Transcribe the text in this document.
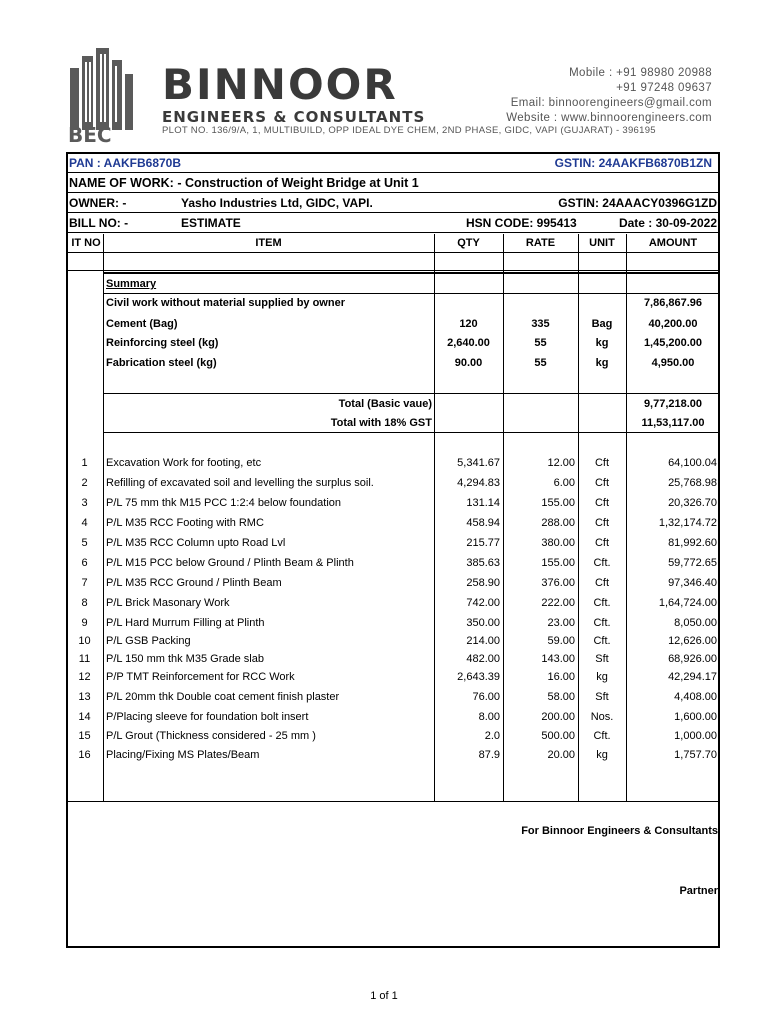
BEC
BINNOOR
ENGINEERS & CONSULTANTS
PLOT NO. 136/9/A, 1, MULTIBUILD, OPP IDEAL DYE CHEM, 2ND PHASE, GIDC, VAPI (GUJARAT) - 396195
Mobile : +91 98980 20988
+91 97248 09637
Email: binnoorengineers@gmail.com
Website : www.binnoorengineers.com
PAN : AAKFB6870B	GSTIN: 24AAKFB6870B1ZN
NAME OF WORK: - Construction of Weight Bridge at Unit 1
OWNER: -	Yasho Industries Ltd, GIDC, VAPI.	GSTIN: 24AAACY0396G1ZD
BILL NO: -	ESTIMATE	HSN CODE: 995413	Date : 30-09-2022
IT NO	ITEM	QTY	RATE	UNIT	AMOUNT
Summary
Civil work without material supplied by owner	7,86,867.96
Cement (Bag)	120	335	Bag	40,200.00
Reinforcing steel (kg)	2,640.00	55	kg	1,45,200.00
Fabrication steel (kg)	90.00	55	kg	4,950.00
Total (Basic vaue)	9,77,218.00
Total with 18% GST	11,53,117.00
1	Excavation Work for footing, etc	5,341.67	12.00	Cft	64,100.04
2	Refilling of excavated soil and levelling the surplus soil.	4,294.83	6.00	Cft	25,768.98
3	P/L 75 mm thk M15 PCC 1:2:4 below foundation	131.14	155.00	Cft	20,326.70
4	P/L M35 RCC Footing with RMC	458.94	288.00	Cft	1,32,174.72
5	P/L M35 RCC Column upto Road Lvl	215.77	380.00	Cft	81,992.60
6	P/L M15 PCC below Ground / Plinth Beam & Plinth	385.63	155.00	Cft.	59,772.65
7	P/L M35 RCC Ground / Plinth Beam	258.90	376.00	Cft	97,346.40
8	P/L Brick Masonary Work	742.00	222.00	Cft.	1,64,724.00
9	P/L Hard Murrum Filling at Plinth	350.00	23.00	Cft.	8,050.00
10	P/L GSB Packing	214.00	59.00	Cft.	12,626.00
11	P/L 150 mm thk M35 Grade slab	482.00	143.00	Sft	68,926.00
12	P/P TMT Reinforcement for RCC Work	2,643.39	16.00	kg	42,294.17
13	P/L 20mm thk Double coat cement finish plaster	76.00	58.00	Sft	4,408.00
14	P/Placing sleeve for foundation bolt insert	8.00	200.00	Nos.	1,600.00
15	P/L Grout (Thickness considered - 25 mm )	2.0	500.00	Cft.	1,000.00
16	Placing/Fixing MS Plates/Beam	87.9	20.00	kg	1,757.70
For Binnoor Engineers & Consultants
Partner
1 of 1
